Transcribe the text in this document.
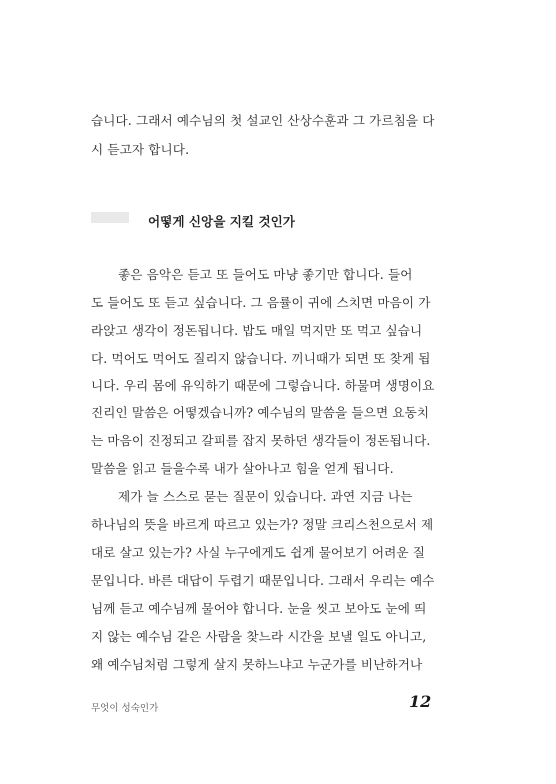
습니다. 그래서 예수님의 첫 설교인 산상수훈과 그 가르침을 다
시 듣고자 합니다.
어떻게 신앙을 지킬 것인가
좋은 음악은 듣고 또 들어도 마냥 좋기만 합니다. 들어
도 들어도 또 듣고 싶습니다. 그 음률이 귀에 스치면 마음이 가
라앉고 생각이 정돈됩니다. 밥도 매일 먹지만 또 먹고 싶습니
다. 먹어도 먹어도 질리지 않습니다. 끼니때가 되면 또 찾게 됩
니다. 우리 몸에 유익하기 때문에 그렇습니다. 하물며 생명이요
진리인 말씀은 어떻겠습니까? 예수님의 말씀을 들으면 요동치
는 마음이 진정되고 갈피를 잡지 못하던 생각들이 정돈됩니다.
말씀을 읽고 들을수록 내가 살아나고 힘을 얻게 됩니다.
제가 늘 스스로 묻는 질문이 있습니다. 과연 지금 나는
하나님의 뜻을 바르게 따르고 있는가? 정말 크리스천으로서 제
대로 살고 있는가? 사실 누구에게도 쉽게 물어보기 어려운 질
문입니다. 바른 대답이 두렵기 때문입니다. 그래서 우리는 예수
님께 듣고 예수님께 물어야 합니다. 눈을 씻고 보아도 눈에 띄
지 않는 예수님 같은 사람을 찾느라 시간을 보낼 일도 아니고,
왜 예수님처럼 그렇게 살지 못하느냐고 누군가를 비난하거나
무엇이 성숙인가	12
